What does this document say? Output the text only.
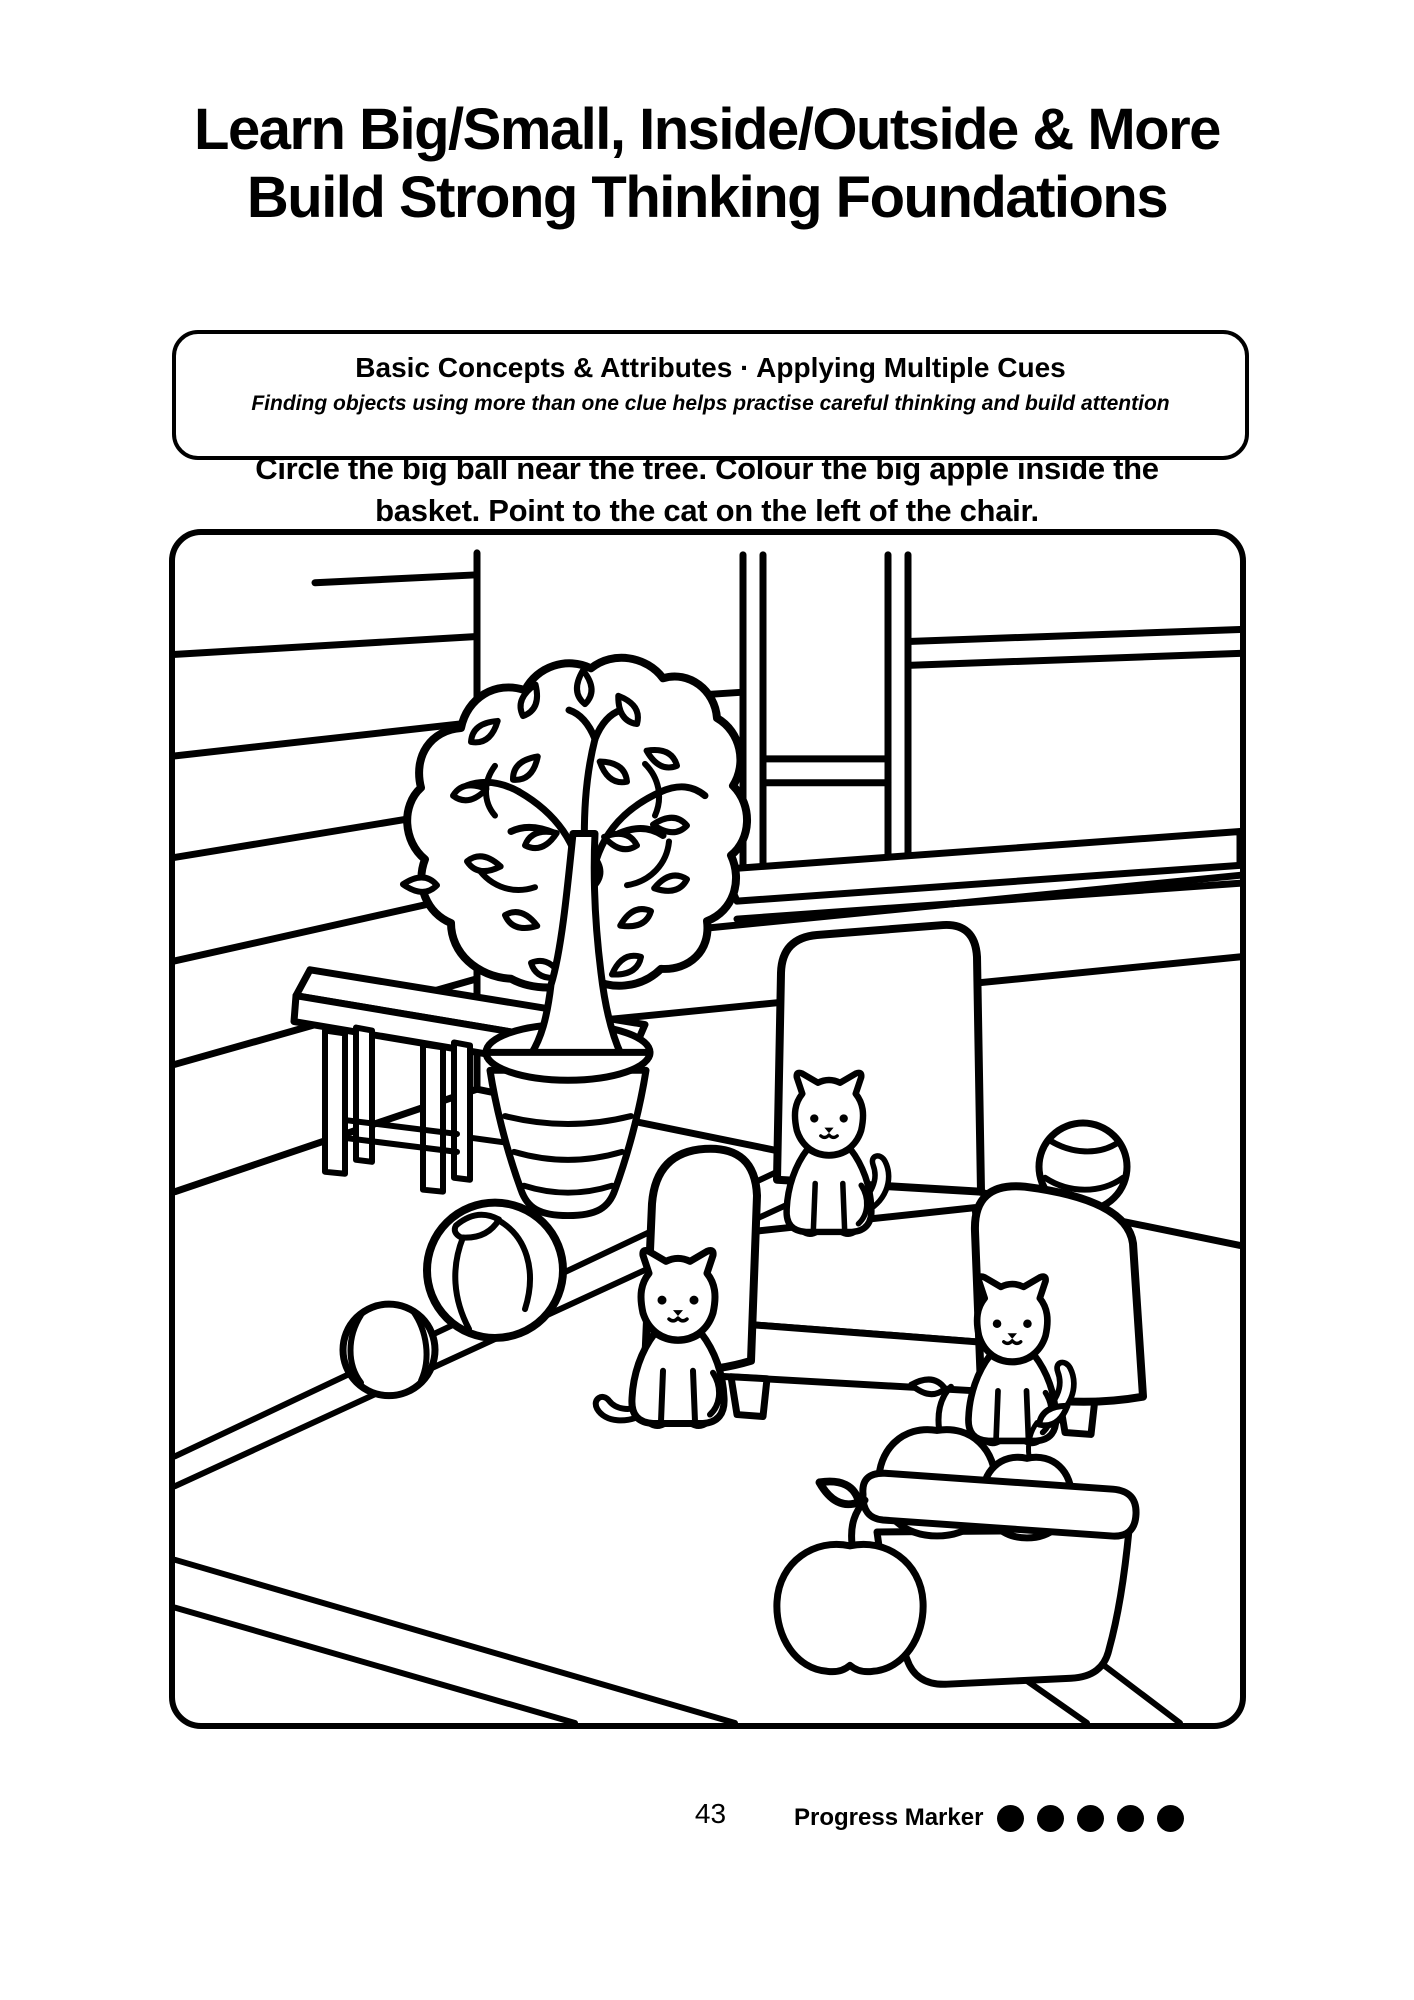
Learn Big/Small, Inside/Outside & More
Build Strong Thinking Foundations
Basic Concepts & Attributes · Applying Multiple Cues
Finding objects using more than one clue helps practise careful thinking and build attention
Circle the big ball near the tree. Colour the big apple inside the basket. Point to the cat on the left of the chair.
43	Progress Marker
